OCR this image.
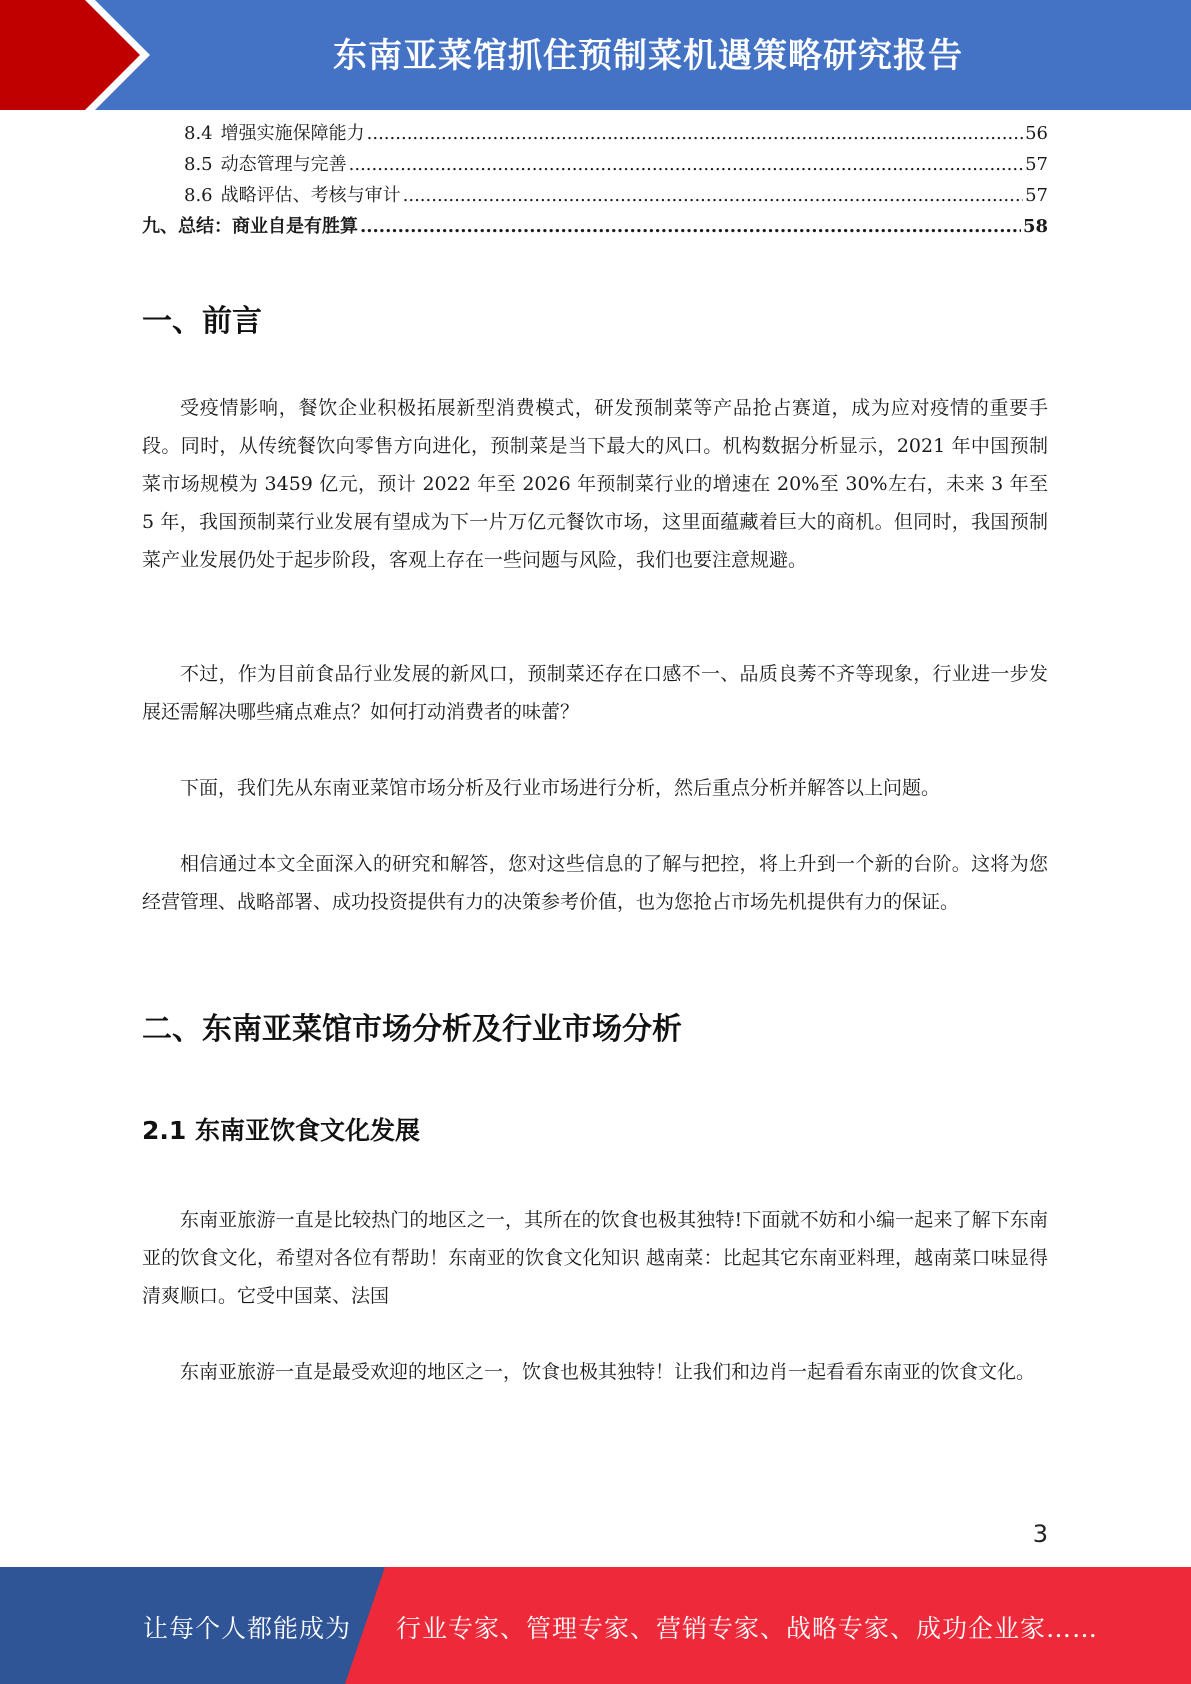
东南亚菜馆抓住预制菜机遇策略研究报告
8.4 增强实施保障能力 .....	56
8.5 动态管理与完善 .....	57
8.6 战略评估、考核与审计 .....	57
九、总结：商业自是有胜算 .....	58
一、前言

受疫情影响，餐饮企业积极拓展新型消费模式，研发预制菜等产品抢占赛道，成为应对疫情的重要手段。同时，从传统餐饮向零售方向进化，预制菜是当下最大的风口。机构数据分析显示，2021 年中国预制菜市场规模为 3459 亿元，预计 2022 年至 2026 年预制菜行业的增速在 20%至 30%左右，未来 3 年至 5 年，我国预制菜行业发展有望成为下一片万亿元餐饮市场，这里面蕴藏着巨大的商机。但同时，我国预制菜产业发展仍处于起步阶段，客观上存在一些问题与风险，我们也要注意规避。

不过，作为目前食品行业发展的新风口，预制菜还存在口感不一、品质良莠不齐等现象，行业进一步发展还需解决哪些痛点难点？如何打动消费者的味蕾？

下面，我们先从东南亚菜馆市场分析及行业市场进行分析，然后重点分析并解答以上问题。

相信通过本文全面深入的研究和解答，您对这些信息的了解与把控，将上升到一个新的台阶。这将为您经营管理、战略部署、成功投资提供有力的决策参考价值，也为您抢占市场先机提供有力的保证。

二、东南亚菜馆市场分析及行业市场分析
2.1 东南亚饮食文化发展

东南亚旅游一直是比较热门的地区之一，其所在的饮食也极其独特!下面就不妨和小编一起来了解下东南亚的饮食文化，希望对各位有帮助！东南亚的饮食文化知识 越南菜：比起其它东南亚料理，越南菜口味显得清爽顺口。它受中国菜、法国

东南亚旅游一直是最受欢迎的地区之一，饮食也极其独特！让我们和边肖一起看看东南亚的饮食文化。

3
让每个人都能成为 行业专家、管理专家、营销专家、战略专家、成功企业家……
